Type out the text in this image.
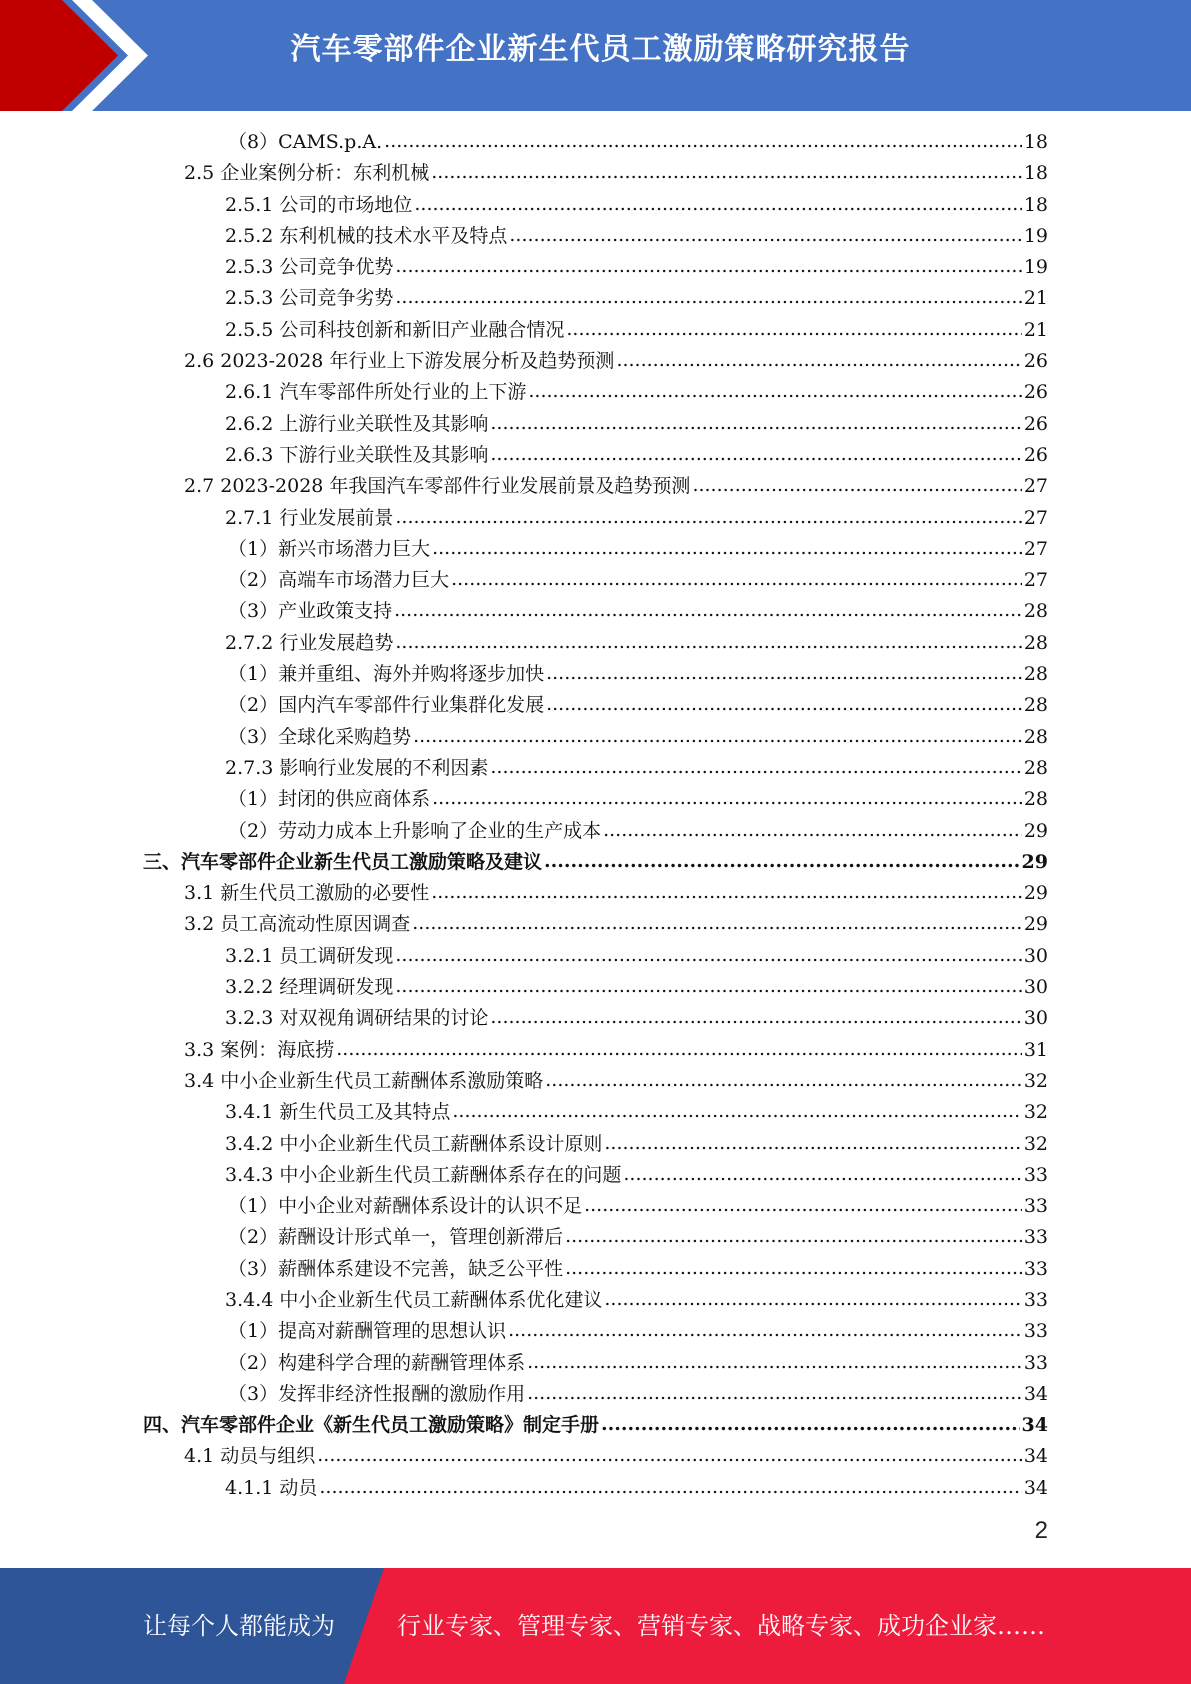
汽车零部件企业新生代员工激励策略研究报告
（8）CAMS.p.A. .....	18
2.5 企业案例分析：东利机械 .....	18
2.5.1 公司的市场地位 .....	18
2.5.2 东利机械的技术水平及特点 .....	19
2.5.3 公司竞争优势 .....	19
2.5.3 公司竞争劣势 .....	21
2.5.5 公司科技创新和新旧产业融合情况 .....	21
2.6 2023-2028 年行业上下游发展分析及趋势预测 .....	26
2.6.1 汽车零部件所处行业的上下游 .....	26
2.6.2 上游行业关联性及其影响 .....	26
2.6.3 下游行业关联性及其影响 .....	26
2.7 2023-2028 年我国汽车零部件行业发展前景及趋势预测 .....	27
2.7.1 行业发展前景 .....	27
（1）新兴市场潜力巨大 .....	27
（2）高端车市场潜力巨大 .....	27
（3）产业政策支持 .....	28
2.7.2 行业发展趋势 .....	28
（1）兼并重组、海外并购将逐步加快 .....	28
（2）国内汽车零部件行业集群化发展 .....	28
（3）全球化采购趋势 .....	28
2.7.3 影响行业发展的不利因素 .....	28
（1）封闭的供应商体系 .....	28
（2）劳动力成本上升影响了企业的生产成本 .....	29
三、汽车零部件企业新生代员工激励策略及建议 .....	29
3.1 新生代员工激励的必要性 .....	29
3.2 员工高流动性原因调查 .....	29
3.2.1 员工调研发现 .....	30
3.2.2 经理调研发现 .....	30
3.2.3 对双视角调研结果的讨论 .....	30
3.3 案例：海底捞 .....	31
3.4 中小企业新生代员工薪酬体系激励策略 .....	32
3.4.1 新生代员工及其特点 .....	32
3.4.2 中小企业新生代员工薪酬体系设计原则 .....	32
3.4.3 中小企业新生代员工薪酬体系存在的问题 .....	33
（1）中小企业对薪酬体系设计的认识不足 .....	33
（2）薪酬设计形式单一，管理创新滞后 .....	33
（3）薪酬体系建设不完善，缺乏公平性 .....	33
3.4.4 中小企业新生代员工薪酬体系优化建议 .....	33
（1）提高对薪酬管理的思想认识 .....	33
（2）构建科学合理的薪酬管理体系 .....	33
（3）发挥非经济性报酬的激励作用 .....	34
四、汽车零部件企业《新生代员工激励策略》制定手册 .....	34
4.1 动员与组织 .....	34
4.1.1 动员 .....	34
2
让每个人都能成为	行业专家、管理专家、营销专家、战略专家、成功企业家……
